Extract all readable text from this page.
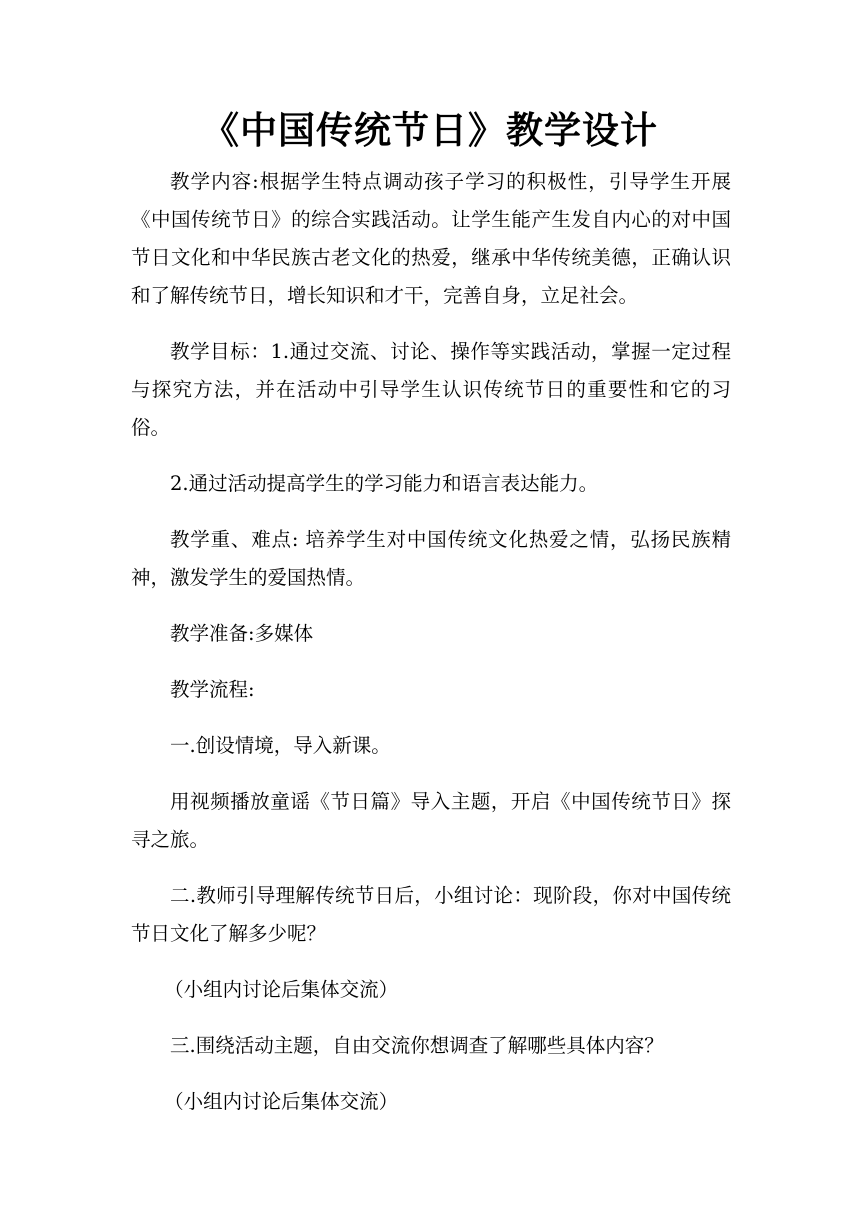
《中国传统节日》教学设计

教学内容:根据学生特点调动孩子学习的积极性，引导学生开展《中国传统节日》的综合实践活动。让学生能产生发自内心的对中国节日文化和中华民族古老文化的热爱，继承中华传统美德，正确认识和了解传统节日，增长知识和才干，完善自身，立足社会。

教学目标：1.通过交流、讨论、操作等实践活动，掌握一定过程与探究方法，并在活动中引导学生认识传统节日的重要性和它的习俗。

2.通过活动提高学生的学习能力和语言表达能力。

教学重、难点: 培养学生对中国传统文化热爱之情，弘扬民族精神，激发学生的爱国热情。

教学准备:多媒体

教学流程:

一.创设情境，导入新课。

用视频播放童谣《节日篇》导入主题，开启《中国传统节日》探寻之旅。

二.教师引导理解传统节日后，小组讨论：现阶段，你对中国传统节日文化了解多少呢？

（小组内讨论后集体交流）

三.围绕活动主题，自由交流你想调查了解哪些具体内容？

（小组内讨论后集体交流）
